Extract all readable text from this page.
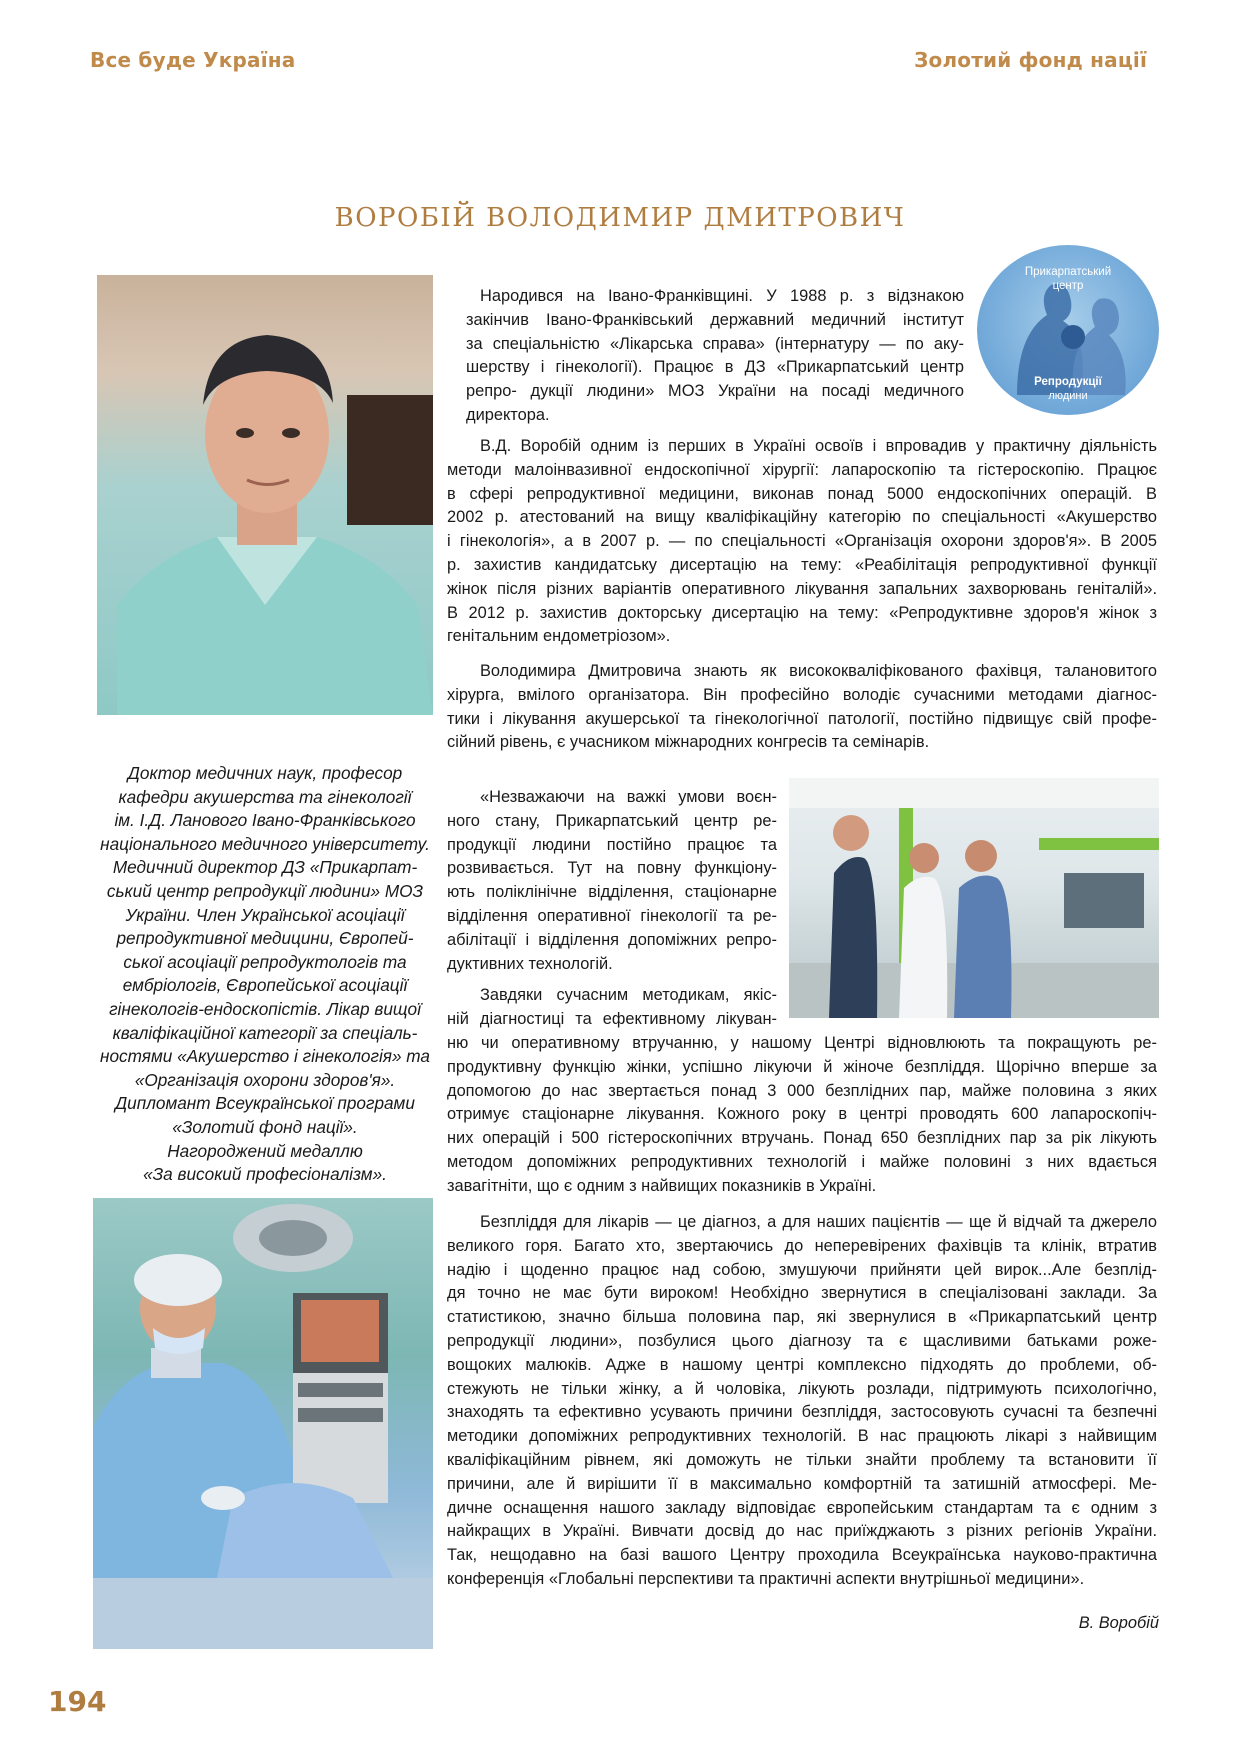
Все буде Україна	Золотий фонд нації
ВОРОБІЙ ВОЛОДИМИР ДМИТРОВИЧ
Прикарпатський
центр
Репродукції
людини
Доктор медичних наук, професор
кафедри акушерства та гінекології
ім. І.Д. Ланового Івано-Франківського
національного медичного університету.
Медичний директор ДЗ «Прикарпат-
ський центр репродукції людини» МОЗ
України. Член Української асоціації
репродуктивної медицини, Європей-
ської асоціації репродуктологів та
ембріологів, Європейської асоціації
гінекологів-ендоскопістів. Лікар вищої
кваліфікаційної категорії за спеціаль-
ностями «Акушерство і гінекологія» та
«Організація охорони здоров'я».
Дипломант Всеукраїнської програми
«Золотий фонд нації».
Нагороджений медаллю
«За високий професіоналізм».
Народився на Івано-Франківщині. У 1988 р. з відзнакою
закінчив Івано-Франківський державний медичний інститут
за спеціальністю «Лікарська справа» (інтернатуру — по аку-
шерству і гінекології). Працює в ДЗ «Прикарпатський центр
репро- дукції людини» МОЗ України на посаді медичного
директора.
В.Д. Воробій одним із перших в Україні освоїв і впровадив у практичну діяльність
методи малоінвазивної ендоскопічної хірургії: лапароскопію та гістероскопію. Працює
в сфері репродуктивної медицини, виконав понад 5000 ендоскопічних операцій. В
2002 р. атестований на вищу кваліфікаційну категорію по спеціальності «Акушерство
і гінекологія», а в 2007 р. — по спеціальності «Організація охорони здоров'я». В 2005
р. захистив кандидатську дисертацію на тему: «Реабілітація репродуктивної функції
жінок після різних варіантів оперативного лікування запальних захворювань геніталій».
В 2012 р. захистив докторську дисертацію на тему: «Репродуктивне здоров'я жінок з
генітальним ендометріозом».
Володимира Дмитровича знають як висококваліфікованого фахівця, талановитого
хірурга, вмілого організатора. Він професійно володіє сучасними методами діагнос-
тики і лікування акушерської та гінекологічної патології, постійно підвищує свій профе-
сійний рівень, є учасником міжнародних конгресів та семінарів.
«Незважаючи на важкі умови воєн-
ного стану, Прикарпатський центр ре-
продукції людини постійно працює та
розвивається. Тут на повну функціону-
ють поліклінічне відділення, стаціонарне
відділення оперативної гінекології та ре-
абілітації і відділення допоміжних репро-
дуктивних технологій.
Завдяки сучасним методикам, якіс-
ній діагностиці та ефективному лікуван-
ню чи оперативному втручанню, у нашому Центрі відновлюють та покращують ре-
продуктивну функцію жінки, успішно лікуючи й жіноче безпліддя. Щорічно вперше за
допомогою до нас звертається понад 3 000 безплідних пар, майже половина з яких
отримує стаціонарне лікування. Кожного року в центрі проводять 600 лапароскопіч-
них операцій і 500 гістероскопічних втручань. Понад 650 безплідних пар за рік лікують
методом допоміжних репродуктивних технологій і майже половині з них вдається
завагітніти, що є одним з найвищих показників в Україні.
Безпліддя для лікарів — це діагноз, а для наших пацієнтів — ще й відчай та джерело
великого горя. Багато хто, звертаючись до неперевірених фахівців та клінік, втратив
надію і щоденно працює над собою, змушуючи прийняти цей вирок...Але безплід-
дя точно не має бути вироком! Необхідно звернутися в спеціалізовані заклади. За
статистикою, значно більша половина пар, які звернулися в «Прикарпатський центр
репродукції людини», позбулися цього діагнозу та є щасливими батьками роже-
вощоких малюків. Адже в нашому центрі комплексно підходять до проблеми, об-
стежують не тільки жінку, а й чоловіка, лікують розлади, підтримують психологічно,
знаходять та ефективно усувають причини безпліддя, застосовують сучасні та безпечні
методики допоміжних репродуктивних технологій. В нас працюють лікарі з найвищим
кваліфікаційним рівнем, які доможуть не тільки знайти проблему та встановити її
причини, але й вирішити її в максимально комфортній та затишній атмосфері. Ме-
дичне оснащення нашого закладу відповідає європейським стандартам та є одним з
найкращих в Україні. Вивчати досвід до нас приїжджають з різних регіонів України.
Так, нещодавно на базі вашого Центру проходила Всеукраїнська науково-практична
конференція «Глобальні перспективи та практичні аспекти внутрішньої медицини».
В. Воробій
194
